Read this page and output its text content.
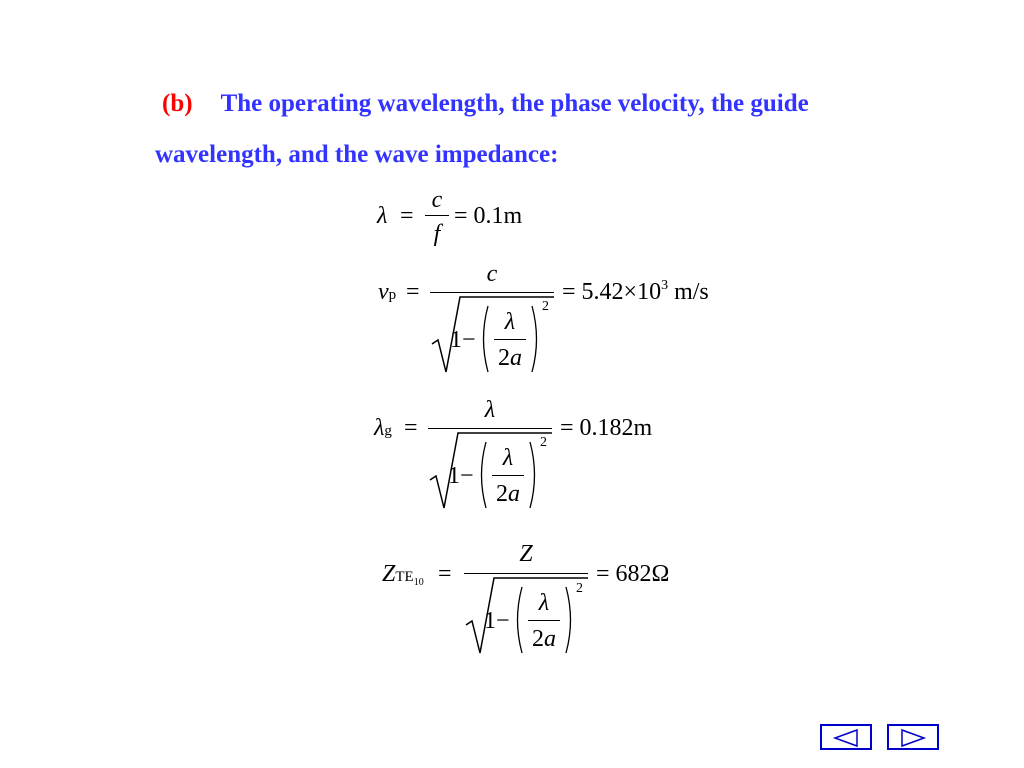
(b) The operating wavelength, the phase velocity, the guide
wavelength, and the wave impedance:
λ =
c
f
= 0.1m
vp =
c
1−
λ
2a
2
= $5.42\times 10^3$ m/s
λg =
λ
1−
λ
2a
2
= 0.182m
ZTE10 =
Z
1−
λ
2a
2
= 682Ω
